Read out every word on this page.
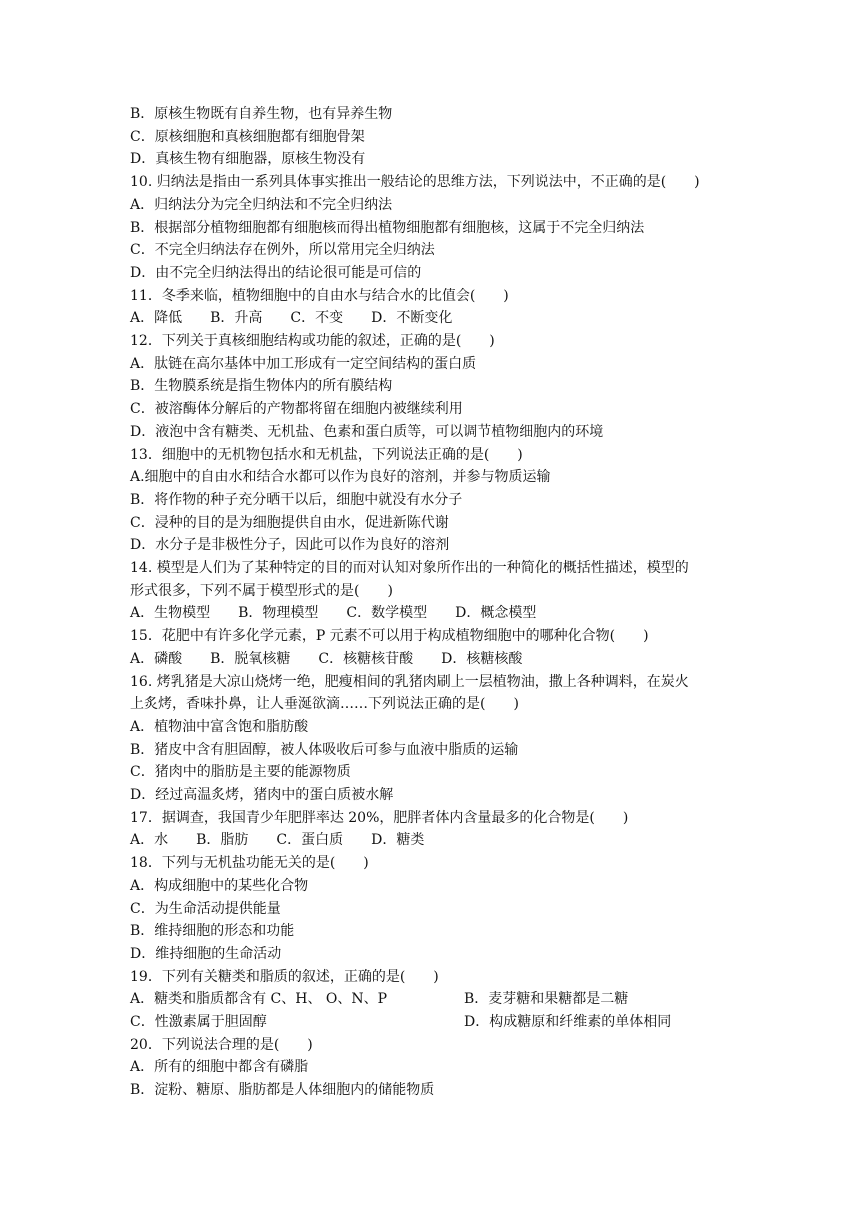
B．原核生物既有自养生物，也有异养生物
C．原核细胞和真核细胞都有细胞骨架
D．真核生物有细胞器，原核生物没有
10. 归纳法是指由一系列具体事实推出一般结论的思维方法，下列说法中，不正确的是(　　)
A．归纳法分为完全归纳法和不完全归纳法
B．根据部分植物细胞都有细胞核而得出植物细胞都有细胞核，这属于不完全归纳法
C．不完全归纳法存在例外，所以常用完全归纳法
D．由不完全归纳法得出的结论很可能是可信的
11．冬季来临，植物细胞中的自由水与结合水的比值会(　　)
A．降低　　B．升高　　C．不变　　D．不断变化
12．下列关于真核细胞结构或功能的叙述，正确的是(　　)
A．肽链在高尔基体中加工形成有一定空间结构的蛋白质
B．生物膜系统是指生物体内的所有膜结构
C．被溶酶体分解后的产物都将留在细胞内被继续利用
D．液泡中含有糖类、无机盐、色素和蛋白质等，可以调节植物细胞内的环境
13．细胞中的无机物包括水和无机盐，下列说法正确的是(　　)
A.细胞中的自由水和结合水都可以作为良好的溶剂，并参与物质运输
B．将作物的种子充分晒干以后，细胞中就没有水分子
C．浸种的目的是为细胞提供自由水，促进新陈代谢
D．水分子是非极性分子，因此可以作为良好的溶剂
14. 模型是人们为了某种特定的目的而对认知对象所作出的一种简化的概括性描述，模型的
形式很多，下列不属于模型形式的是(　　)
A．生物模型　　B．物理模型　　C．数学模型　　D．概念模型
15．花肥中有许多化学元素，P 元素不可以用于构成植物细胞中的哪种化合物(　　)
A．磷酸　　B．脱氧核糖　　C．核糖核苷酸　　D．核糖核酸
16. 烤乳猪是大凉山烧烤一绝，肥瘦相间的乳猪肉刷上一层植物油，撒上各种调料，在炭火
上炙烤，香味扑鼻，让人垂涎欲滴……下列说法正确的是(　　)
A．植物油中富含饱和脂肪酸
B．猪皮中含有胆固醇，被人体吸收后可参与血液中脂质的运输
C．猪肉中的脂肪是主要的能源物质
D．经过高温炙烤，猪肉中的蛋白质被水解
17．据调查，我国青少年肥胖率达 20%，肥胖者体内含量最多的化合物是(　　)
A．水　　B．脂肪　　C．蛋白质　　D．糖类
18．下列与无机盐功能无关的是(　　)
A．构成细胞中的某些化合物
C．为生命活动提供能量
B．维持细胞的形态和功能
D．维持细胞的生命活动
19．下列有关糖类和脂质的叙述，正确的是(　　)
A．糖类和脂质都含有 C、H、 O、N、P	B．麦芽糖和果糖都是二糖
C．性激素属于胆固醇	D．构成糖原和纤维素的单体相同
20．下列说法合理的是(　　)
A．所有的细胞中都含有磷脂
B．淀粉、糖原、脂肪都是人体细胞内的储能物质
